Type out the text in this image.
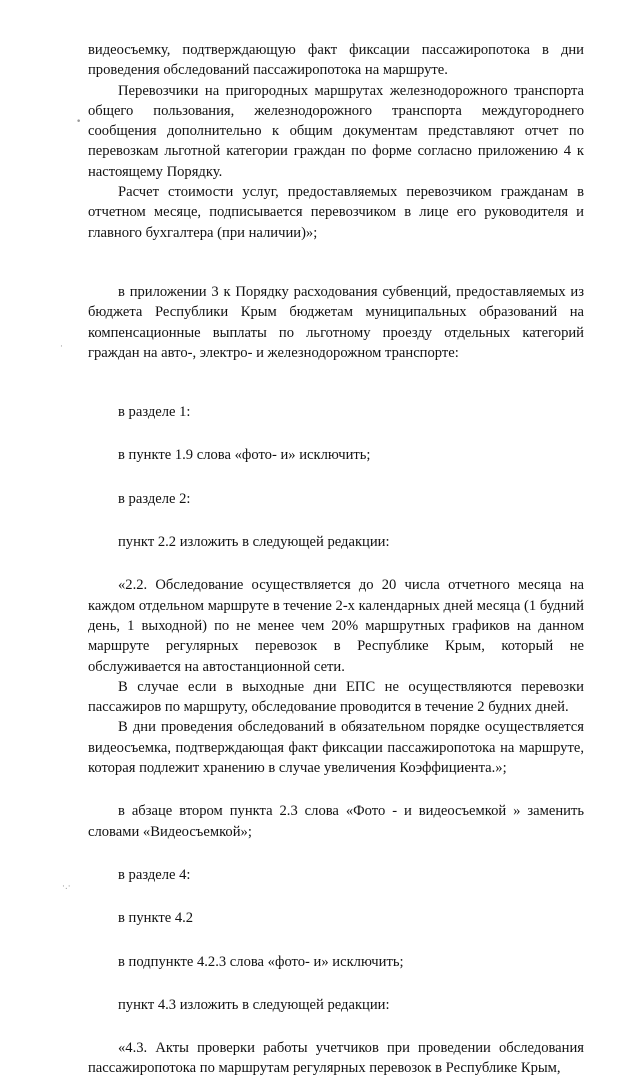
видеосъемку, подтверждающую факт фиксации пассажиропотока в дни проведения обследований пассажиропотока на маршруте.

Перевозчики на пригородных маршрутах железнодорожного транспорта общего пользования, железнодорожного транспорта междугороднего сообщения дополнительно к общим документам представляют отчет по перевозкам льготной категории граждан по форме согласно приложению 4 к настоящему Порядку.

Расчет стоимости услуг, предоставляемых перевозчиком гражданам в отчетном месяце, подписывается перевозчиком в лице его руководителя и главного бухгалтера (при наличии)»;

в приложении 3 к Порядку расходования субвенций, предоставляемых из бюджета Республики Крым бюджетам муниципальных образований на компенсационные выплаты по льготному проезду отдельных категорий граждан на авто-, электро- и железнодорожном транспорте:

в разделе 1:

в пункте 1.9 слова «фото- и» исключить;

в разделе 2:

пункт 2.2 изложить в следующей редакции:

«2.2. Обследование осуществляется до 20 числа отчетного месяца на каждом отдельном маршруте в течение 2-х календарных дней месяца (1 будний день, 1 выходной) по не менее чем 20% маршрутных графиков на данном маршруте регулярных перевозок в Республике Крым, который не обслуживается на автостанционной сети.

В случае если в выходные дни ЕПС не осуществляются перевозки пассажиров по маршруту, обследование проводится в течение 2 будних дней.

В дни проведения обследований в обязательном порядке осуществляется видеосъемка, подтверждающая факт фиксации пассажиропотока на маршруте, которая подлежит хранению в случае увеличения Коэффициента.»;

в абзаце втором пункта 2.3 слова «Фото - и видеосъемкой » заменить словами «Видеосъемкой»;

в разделе 4:

в пункте 4.2

в подпункте 4.2.3 слова «фото- и» исключить;

пункт 4.3 изложить в следующей редакции:

«4.3. Акты проверки работы учетчиков при проведении обследования пассажиропотока по маршрутам регулярных перевозок в Республике Крым,

•
·
·.·
